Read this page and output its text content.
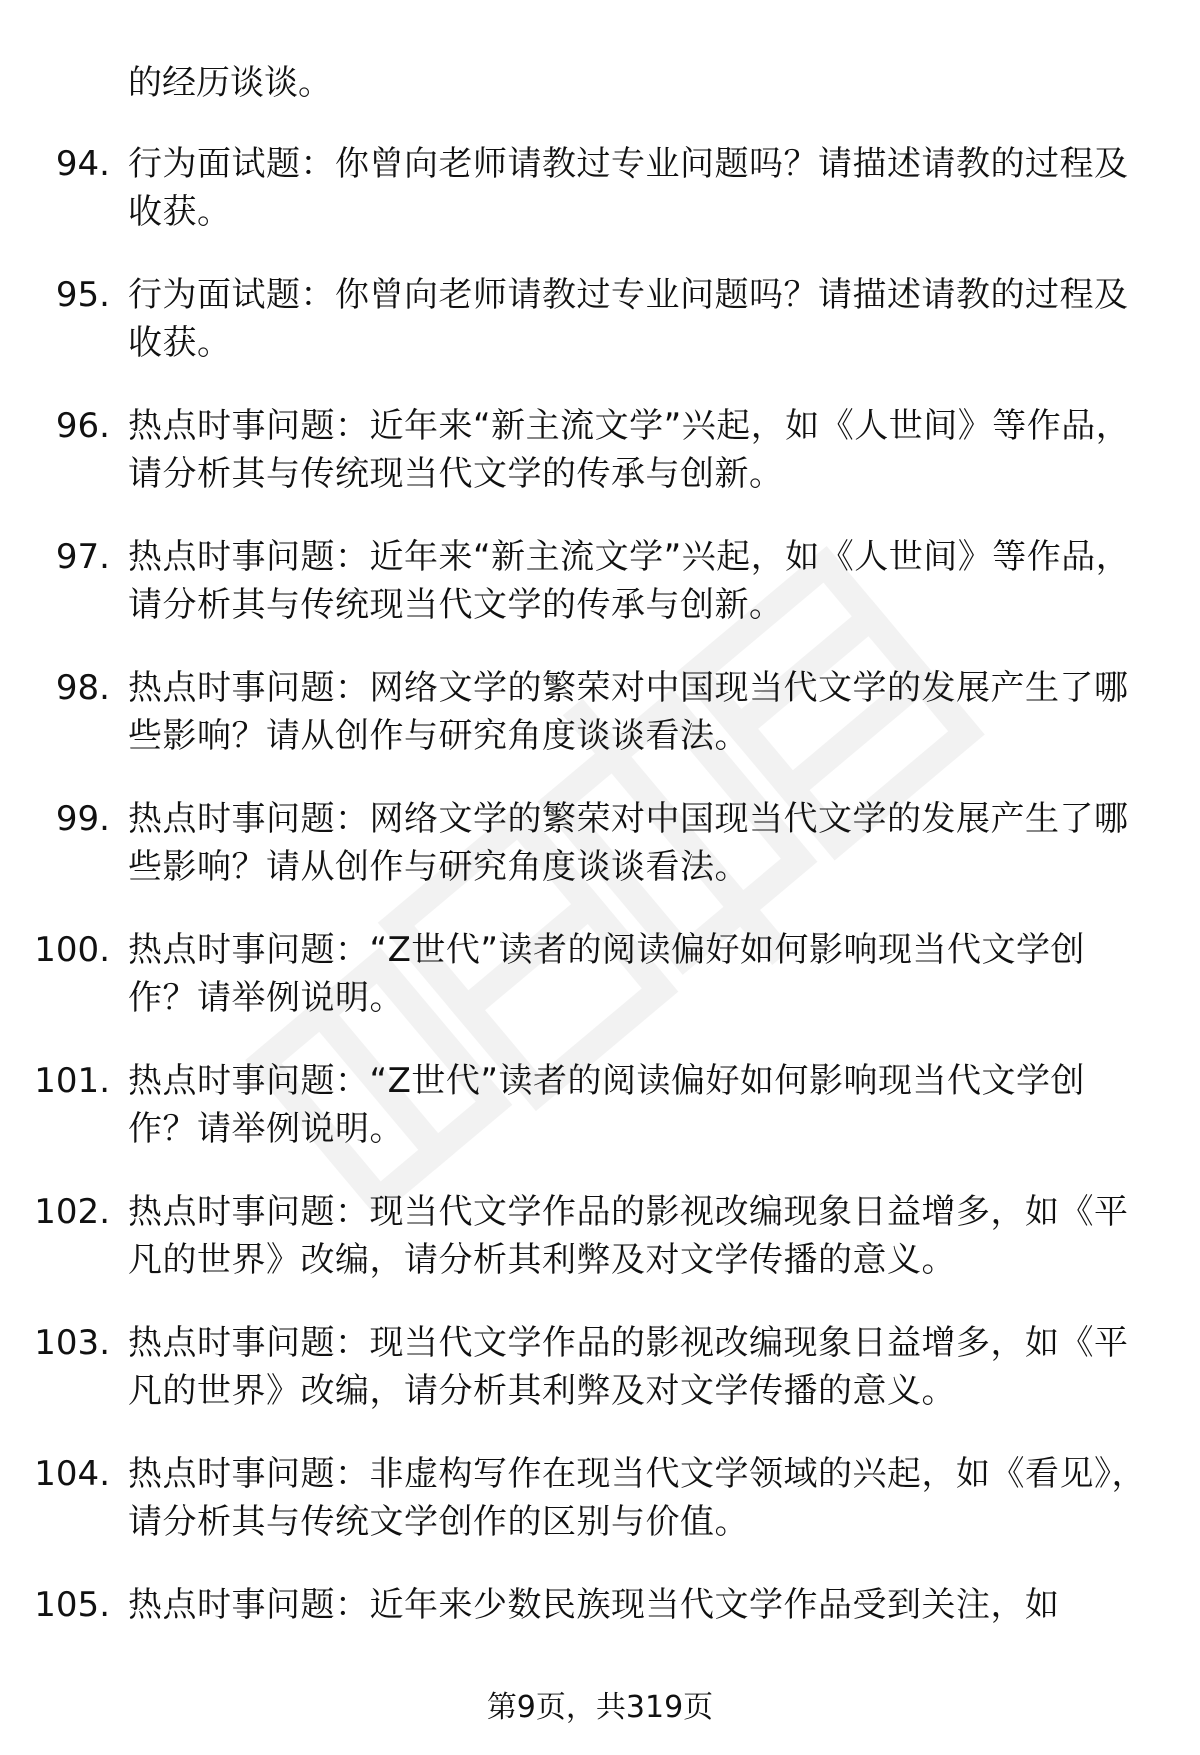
的经历谈谈。
94. 行为面试题：你曾向老师请教过专业问题吗？请描述请教的过程及收获。
95. 行为面试题：你曾向老师请教过专业问题吗？请描述请教的过程及收获。
96. 热点时事问题：近年来“新主流文学”兴起，如《人世间》等作品，请分析其与传统现当代文学的传承与创新。
97. 热点时事问题：近年来“新主流文学”兴起，如《人世间》等作品，请分析其与传统现当代文学的传承与创新。
98. 热点时事问题：网络文学的繁荣对中国现当代文学的发展产生了哪些影响？请从创作与研究角度谈谈看法。
99. 热点时事问题：网络文学的繁荣对中国现当代文学的发展产生了哪些影响？请从创作与研究角度谈谈看法。
100. 热点时事问题：“Z世代”读者的阅读偏好如何影响现当代文学创作？请举例说明。
101. 热点时事问题：“Z世代”读者的阅读偏好如何影响现当代文学创作？请举例说明。
102. 热点时事问题：现当代文学作品的影视改编现象日益增多，如《平凡的世界》改编，请分析其利弊及对文学传播的意义。
103. 热点时事问题：现当代文学作品的影视改编现象日益增多，如《平凡的世界》改编，请分析其利弊及对文学传播的意义。
104. 热点时事问题：非虚构写作在现当代文学领域的兴起，如《看见》，请分析其与传统文学创作的区别与价值。
105. 热点时事问题：近年来少数民族现当代文学作品受到关注，如
第9页，共319页
